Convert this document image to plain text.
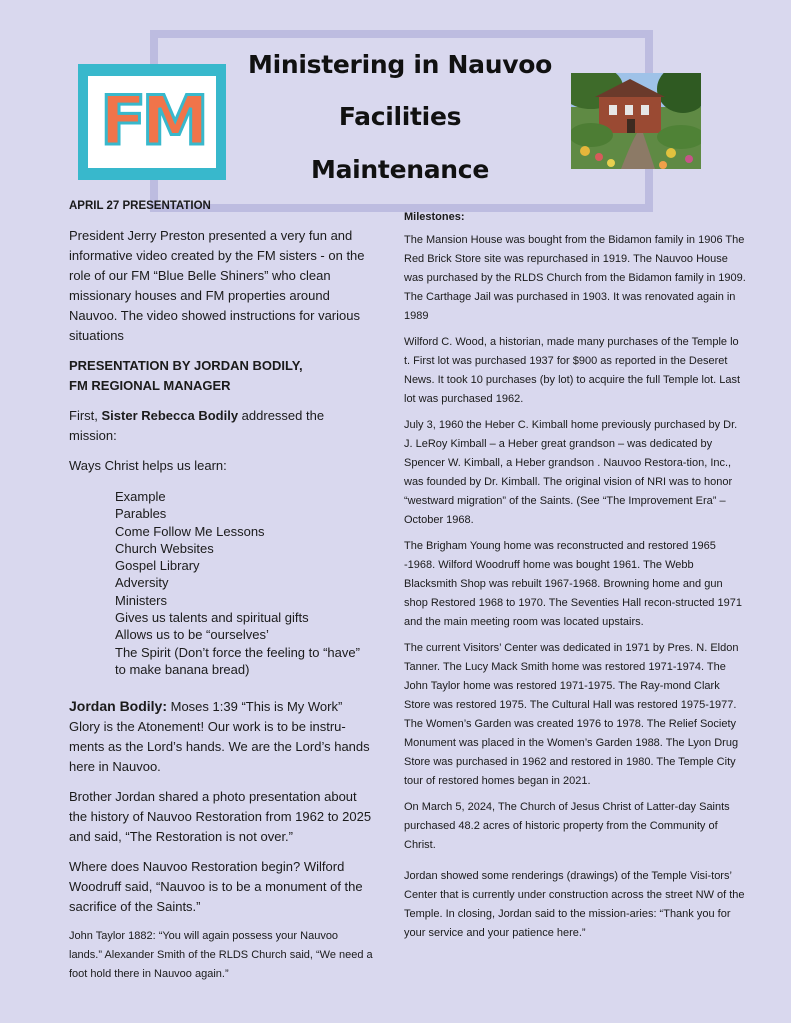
Ministering in Nauvoo
Facilities
Maintenance
FM

APRIL 27 PRESENTATION

President Jerry Preston presented a very fun and informative video created by the FM sisters - on the role of our FM “Blue Belle Shiners” who clean missionary houses and FM properties around Nauvoo. The video showed instructions for various situations

PRESENTATION BY JORDAN BODILY,
FM REGIONAL MANAGER

First, Sister Rebecca Bodily addressed the mission:

Ways Christ helps us learn:

Example
Parables
Come Follow Me Lessons
Church Websites
Gospel Library
Adversity
Ministers
Gives us talents and spiritual gifts
Allows us to be “ourselves’
The Spirit (Don’t force the feeling to “have” to make banana bread)

Jordan Bodily: Moses 1:39 “This is My Work” Glory is the Atonement! Our work is to be instru-ments as the Lord’s hands. We are the Lord’s hands here in Nauvoo.

Brother Jordan shared a photo presentation about the history of Nauvoo Restoration from 1962 to 2025 and said, “The Restoration is not over.”

Where does Nauvoo Restoration begin? Wilford Woodruff said, “Nauvoo is to be a monument of the sacrifice of the Saints.”

John Taylor 1882: “You will again possess your Nauvoo lands.” Alexander Smith of the RLDS Church said, “We need a foot hold there in Nauvoo again.”

Milestones:

The Mansion House was bought from the Bidamon family in 1906 The Red Brick Store site was repurchased in 1919. The Nauvoo House was purchased by the RLDS Church from the Bidamon family in 1909. The Carthage Jail was purchased in 1903. It was renovated again in 1989

Wilford C. Wood, a historian, made many purchases of the Temple lo t. First lot was purchased 1937 for $900 as reported in the Deseret News. It took 10 purchases (by lot) to acquire the full Temple lot. Last lot was purchased 1962.

July 3, 1960 the Heber C. Kimball home previously purchased by Dr. J. LeRoy Kimball – a Heber great grandson – was dedicated by Spencer W. Kimball, a Heber grandson . Nauvoo Restora-tion, Inc., was founded by Dr. Kimball. The original vision of NRI was to honor “westward migration” of the Saints. (See “The Improvement Era” – October 1968.

The Brigham Young home was reconstructed and restored 1965 -1968. Wilford Woodruff home was bought 1961. The Webb Blacksmith Shop was rebuilt 1967-1968. Browning home and gun shop Restored 1968 to 1970. The Seventies Hall recon-structed 1971 and the main meeting room was located upstairs.

The current Visitors’ Center was dedicated in 1971 by Pres. N. Eldon Tanner. The Lucy Mack Smith home was restored 1971-1974. The John Taylor home was restored 1971-1975. The Ray-mond Clark Store was restored 1975. The Cultural Hall was restored 1975-1977. The Women’s Garden was created 1976 to 1978. The Relief Society Monument was placed in the Women’s Garden 1988. The Lyon Drug Store was purchased in 1962 and restored in 1980. The Temple City tour of restored homes began in 2021.

On March 5, 2024, The Church of Jesus Christ of Latter-day Saints purchased 48.2 acres of historic property from the Community of Christ.

Jordan showed some renderings (drawings) of the Temple Visi-tors’ Center that is currently under construction across the street NW of the Temple. In closing, Jordan said to the mission-aries: “Thank you for your service and your patience here.”
